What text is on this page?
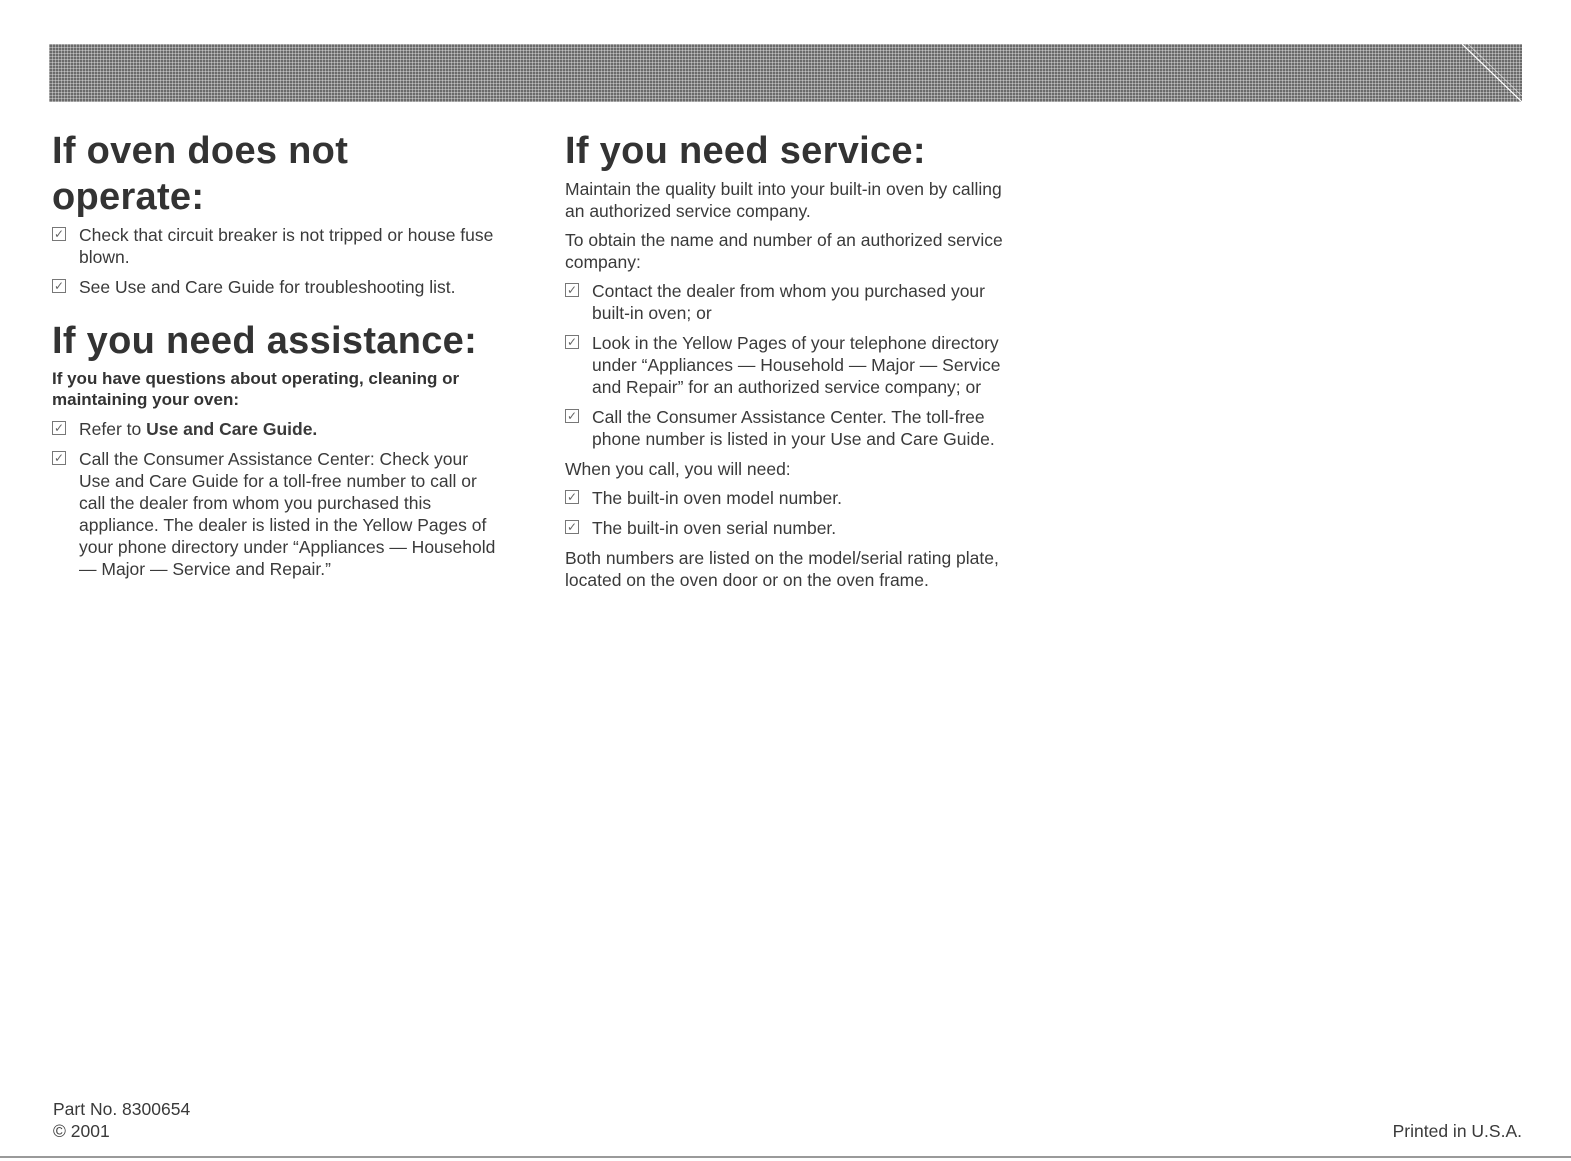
If oven does not operate:
✓ Check that circuit breaker is not tripped or house fuse blown.
✓ See Use and Care Guide for troubleshooting list.
If you need assistance:
If you have questions about operating, cleaning or maintaining your oven:
✓ Refer to Use and Care Guide.
✓ Call the Consumer Assistance Center: Check your Use and Care Guide for a toll-free number to call or call the dealer from whom you purchased this appliance. The dealer is listed in the Yellow Pages of your phone directory under “Appliances — Household — Major — Service and Repair.”
If you need service:

Maintain the quality built into your built-in oven by calling an authorized service company.

To obtain the name and number of an authorized service company:

✓ Contact the dealer from whom you purchased your built-in oven; or
✓ Look in the Yellow Pages of your telephone directory under “Appliances — Household — Major — Service and Repair” for an authorized service company; or
✓ Call the Consumer Assistance Center. The toll-free phone number is listed in your Use and Care Guide.

When you call, you will need:

✓ The built-in oven model number.
✓ The built-in oven serial number.

Both numbers are listed on the model/serial rating plate, located on the oven door or on the oven frame.

Part No. 8300654
© 2001	Printed in U.S.A.
